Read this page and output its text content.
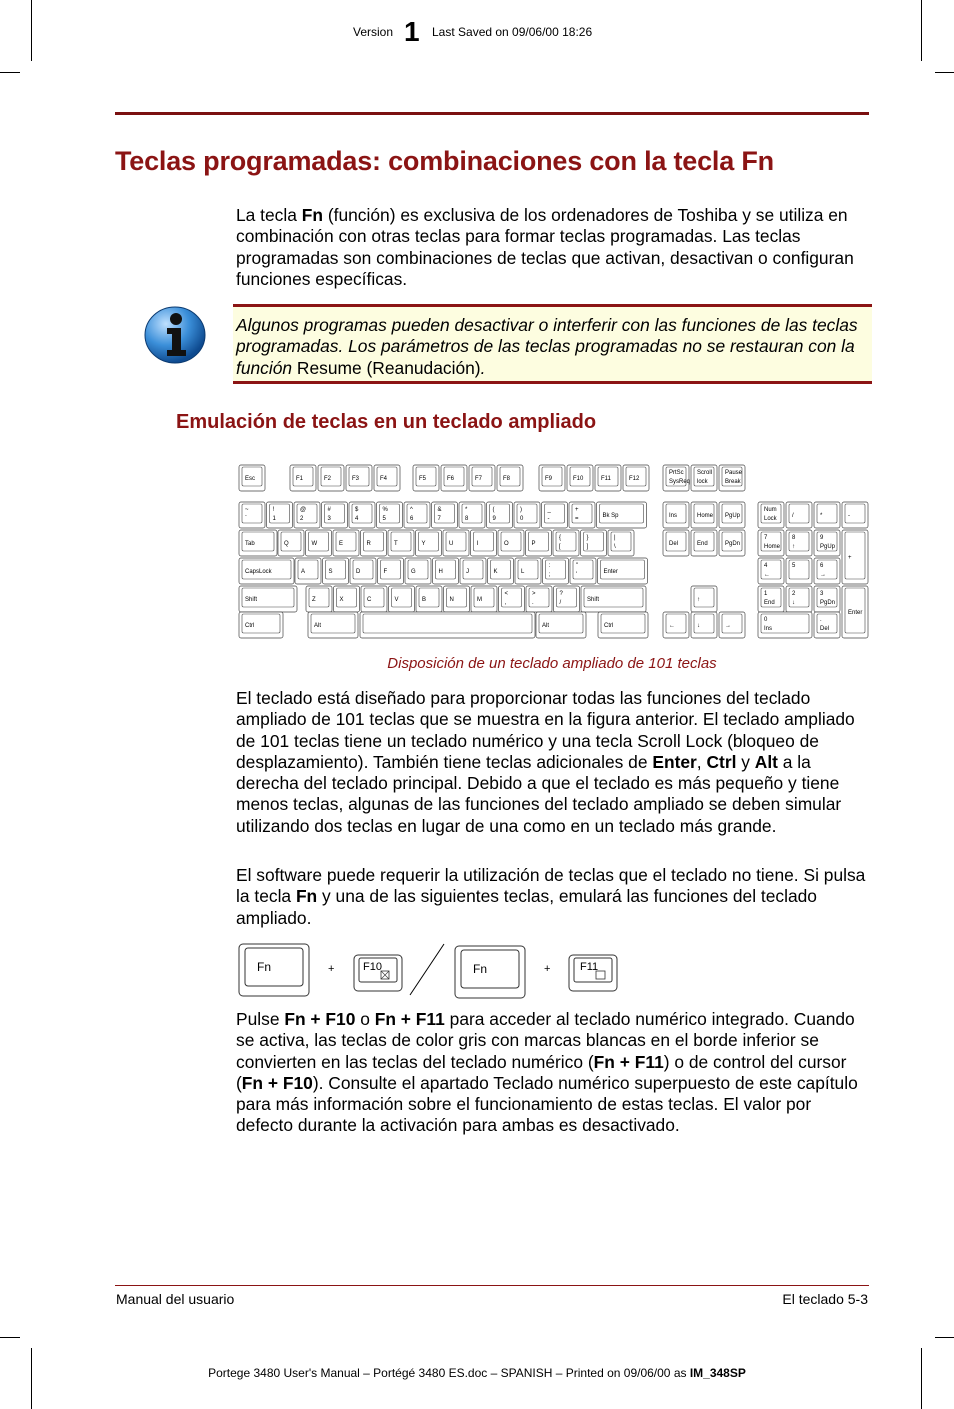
Version 1 Last Saved on 09/06/00 18:26
Teclas programadas: combinaciones con la tecla Fn

La tecla Fn (función) es exclusiva de los ordenadores de Toshiba y se utiliza en combinación con otras teclas para formar teclas programadas. Las teclas programadas son combinaciones de teclas que activan, desactivan o configuran funciones específicas.

Algunos programas pueden desactivar o interferir con las funciones de las teclas programadas. Los parámetros de las teclas programadas no se restauran con la función Resume (Reanudación).

Emulación de teclas en un teclado ampliado
Esc	F1	F2	F3	F4	F5	F6	F7	F8	F9	F10	F11	F12
PrtSc
SysReq
Scroll
lock
Pause
Break
~
`
!
1
@
2
#
3
$
4
%
5
^
6
&
7
*
8
(
9
)
0
_
-
+
=	Bk Sp
Tab	Q	W	E	R	T	Y	U	I	O	P
{
[
}
]
|
\
CapsLock	A	S	D	F	G	H	J	K	L
:
;
"
'	Enter
Shift	Z	X	C	V	B	N	M
<
,
>
.
?
/	Shift
Ctrl	Alt	Alt	Ctrl
Ins	Home PgUp
Del	End	PgDn
↑
←	↓	→
Num
Lock	/	*	-
7
Home
8
↑
9
PgUp
+
4
←
5	6
→
1
End
2
↓
3
PgDn
Enter
0
Ins
.
Del
Disposición de un teclado ampliado de 101 teclas

El teclado está diseñado para proporcionar todas las funciones del teclado ampliado de 101 teclas que se muestra en la figura anterior. El teclado ampliado de 101 teclas tiene un teclado numérico y una tecla Scroll Lock (bloqueo de desplazamiento). También tiene teclas adicionales de Enter, Ctrl y Alt a la derecha del teclado principal. Debido a que el teclado es más pequeño y tiene menos teclas, algunas de las funciones del teclado ampliado se deben simular utilizando dos teclas en lugar de una como en un teclado más grande.

El software puede requerir la utilización de teclas que el teclado no tiene. Si pulsa la tecla Fn y una de las siguientes teclas, emulará las funciones del teclado ampliado.

Fn	+	F10	Fn	+	F11

Pulse Fn + F10 o Fn + F11 para acceder al teclado numérico integrado. Cuando se activa, las teclas de color gris con marcas blancas en el borde inferior se convierten en las teclas del teclado numérico (Fn + F11) o de control del cursor (Fn + F10). Consulte el apartado Teclado numérico superpuesto de este capítulo para más información sobre el funcionamiento de estas teclas. El valor por defecto durante la activación para ambas es desactivado.

Manual del usuario	El teclado 5-3
Portege 3480 User's Manual – Portégé 3480 ES.doc – SPANISH – Printed on 09/06/00 as IM_348SP
